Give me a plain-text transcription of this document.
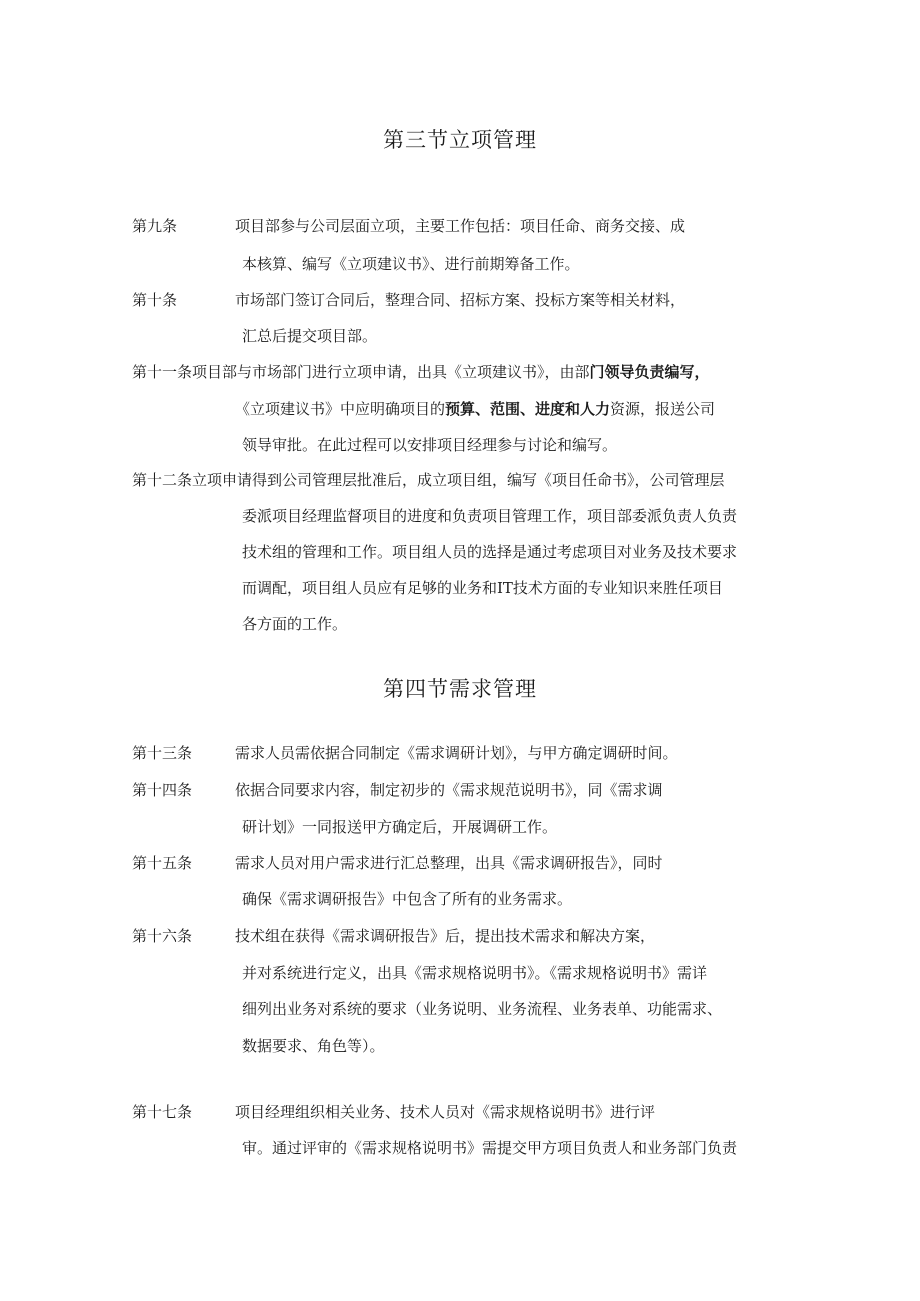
第三节立项管理
第九条	项目部参与公司层面立项，主要工作包括：项目任命、商务交接、成
本核算、编写《立项建议书》、进行前期筹备工作。
第十条	市场部门签订合同后，整理合同、招标方案、投标方案等相关材料，
汇总后提交项目部。
第十一条 项目部与市场部门进行立项申请，出具《立项建议书》，由部门领导负责编写，
《立项建议书》中应明确项目的预算、范围、进度和人力资源，报送公司
领导审批。在此过程可以安排项目经理参与讨论和编写。
第十二条 立项申请得到公司管理层批准后，成立项目组，编写《项目任命书》，公司管理层
委派项目经理监督项目的进度和负责项目管理工作，项目部委派负责人负责
技术组的管理和工作。项目组人员的选择是通过考虑项目对业务及技术要求
而调配，项目组人员应有足够的业务和IT技术方面的专业知识来胜任项目
各方面的工作。
第四节需求管理
第十三条	需求人员需依据合同制定《需求调研计划》，与甲方确定调研时间。
第十四条	依据合同要求内容，制定初步的《需求规范说明书》，同《需求调
研计划》一同报送甲方确定后，开展调研工作。
第十五条	需求人员对用户需求进行汇总整理，出具《需求调研报告》，同时
确保《需求调研报告》中包含了所有的业务需求。
第十六条	技术组在获得《需求调研报告》后，提出技术需求和解决方案，
并对系统进行定义，出具《需求规格说明书》。《需求规格说明书》需详
细列出业务对系统的要求（业务说明、业务流程、业务表单、功能需求、
数据要求、角色等）。
第十七条	项目经理组织相关业务、技术人员对《需求规格说明书》进行评
审。通过评审的《需求规格说明书》需提交甲方项目负责人和业务部门负责
